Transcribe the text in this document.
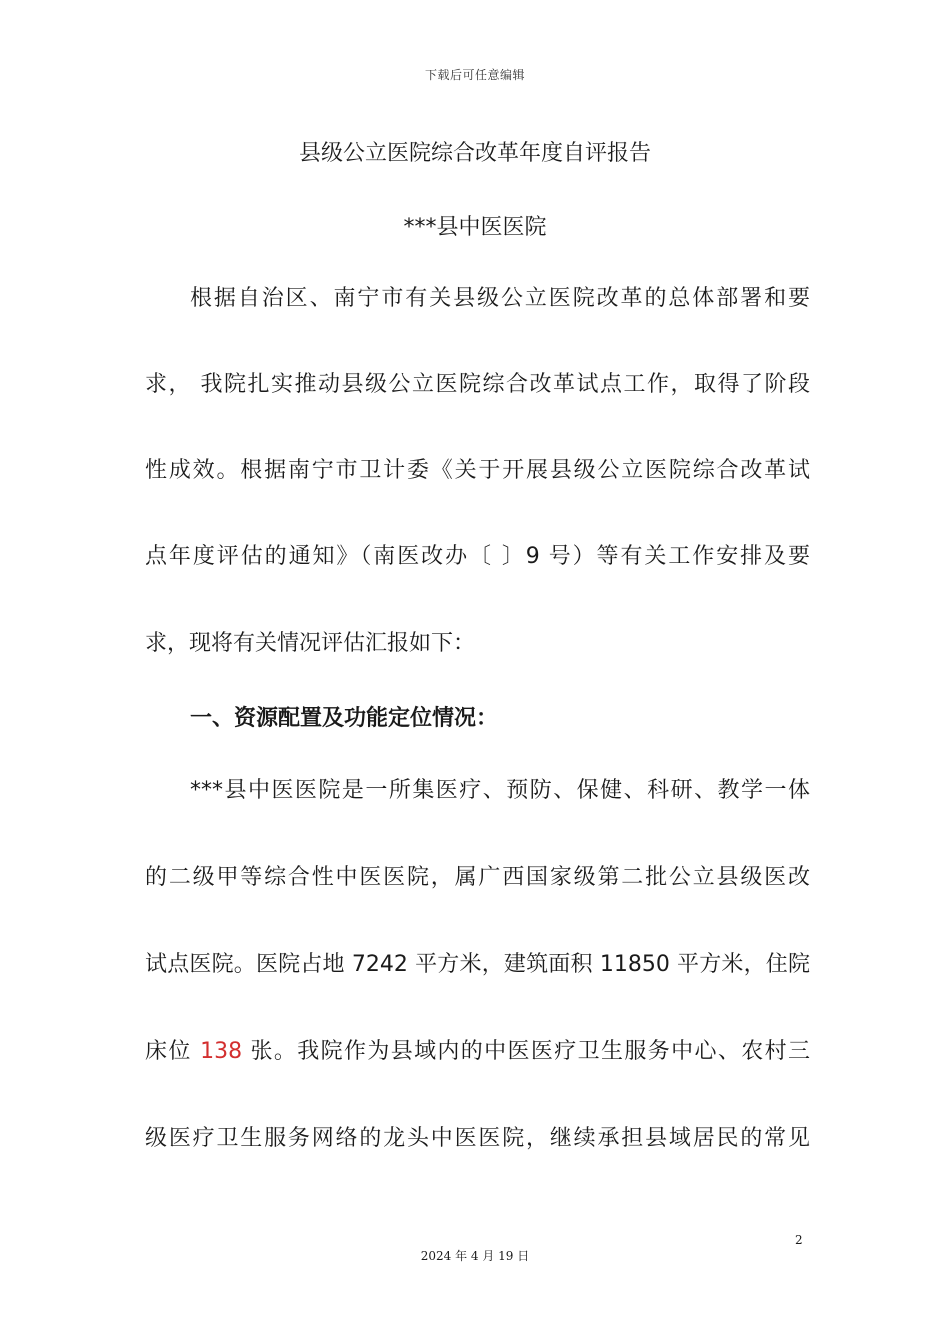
下载后可任意编辑
县级公立医院综合改革年度自评报告
***县中医医院
根据自治区、南宁市有关县级公立医院改革的总体部署和要
求， 我院扎实推动县级公立医院综合改革试点工作，取得了阶段
性成效。根据南宁市卫计委《关于开展县级公立医院综合改革试
点年度评估的通知》（南医改办〔 〕9 号）等有关工作安排及要
求，现将有关情况评估汇报如下：
一、资源配置及功能定位情况：
***县中医医院是一所集医疗、预防、保健、科研、教学一体
的二级甲等综合性中医医院，属广西国家级第二批公立县级医改
试点医院。医院占地 7242 平方米，建筑面积 11850 平方米，住院
床位 138 张。我院作为县域内的中医医疗卫生服务中心、农村三
级医疗卫生服务网络的龙头中医医院，继续承担县域居民的常见
2
2024 年 4 月 19 日
